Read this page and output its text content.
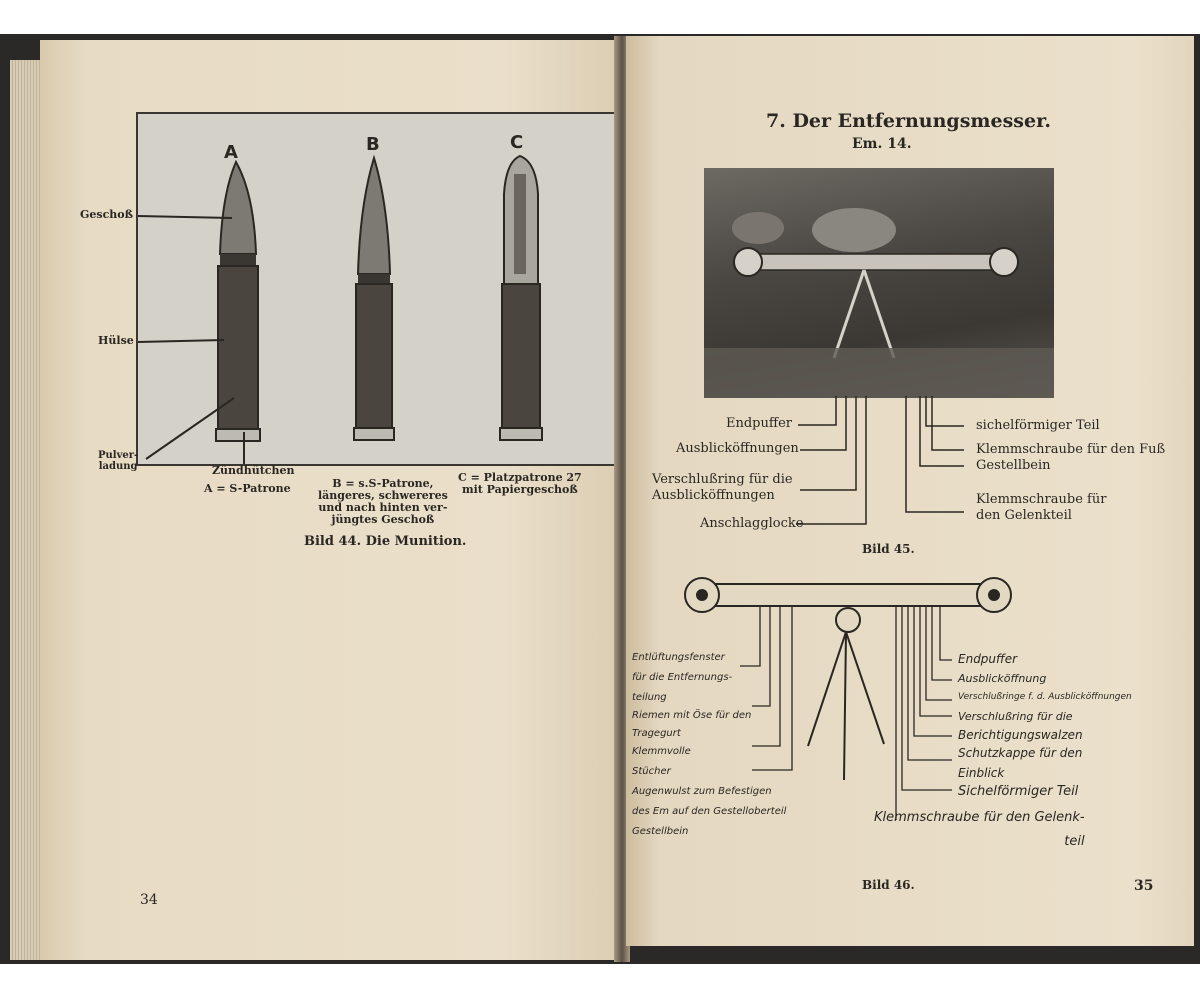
A	B	C
Geschoß
Hülse
Pulver-
ladung	Zündhütchen
A = S-Patrone	B = s.S-Patrone,
längeres, schwereres
und nach hinten ver-
jüngtes Geschoß
C = Platzpatrone 27
mit Papiergeschoß
Bild 44. Die Munition.
34
7. Der Entfernungsmesser.
Em. 14.
Endpuffer
Ausblicköffnungen
Verschlußring für die
Ausblicköffnungen
Anschlagglocke
sichelförmiger Teil
Klemmschraube für den Fuß
Gestellbein
Klemmschraube für
den Gelenkteil
Bild 45.
Entlüftungsfenster
für die Entfernungs-
teilung
Riemen mit Öse für den
Tragegurt
Klemmvolle
Stücher
Augenwulst zum Befestigen
des Em auf den Gestelloberteil
Gestellbein
Endpuffer
Ausblicköffnung
Verschlußringe f. d. Ausblicköffnungen
Verschlußring für die
Berichtigungswalzen
Schutzkappe für den
Einblick
Sichelförmiger Teil
Klemmschraube für den Gelenk-
teil
Bild 46.	35
